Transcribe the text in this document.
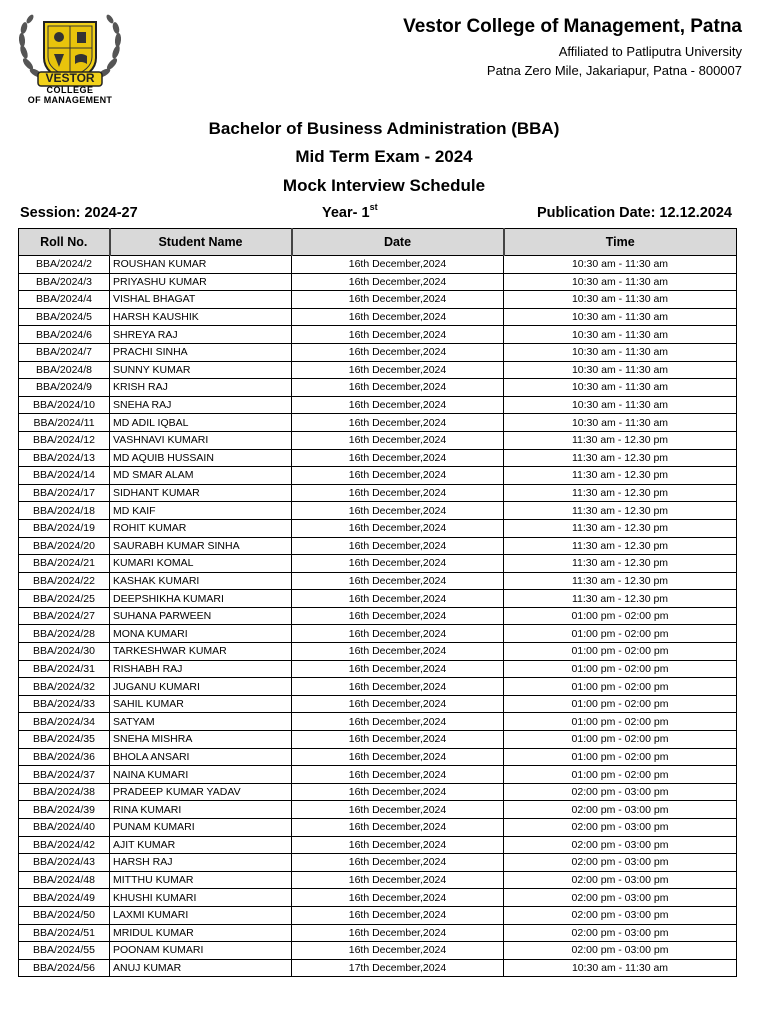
VESTOR
COLLEGE
OF MANAGEMENT
Vestor College of Management, Patna
Affiliated to Patliputra University
Patna Zero Mile, Jakariapur, Patna - 800007
Bachelor of Business Administration (BBA)
Mid Term Exam - 2024
Mock Interview Schedule
Session: 2024-27	Year- 1st	Publication Date: 12.12.2024
Roll No.	Student Name	Date	Time
BBA/2024/2	ROUSHAN KUMAR	16th December,2024	10:30 am - 11:30 am
BBA/2024/3	PRIYASHU KUMAR	16th December,2024	10:30 am - 11:30 am
BBA/2024/4	VISHAL BHAGAT	16th December,2024	10:30 am - 11:30 am
BBA/2024/5	HARSH KAUSHIK	16th December,2024	10:30 am - 11:30 am
BBA/2024/6	SHREYA RAJ	16th December,2024	10:30 am - 11:30 am
BBA/2024/7	PRACHI SINHA	16th December,2024	10:30 am - 11:30 am
BBA/2024/8	SUNNY KUMAR	16th December,2024	10:30 am - 11:30 am
BBA/2024/9	KRISH RAJ	16th December,2024	10:30 am - 11:30 am
BBA/2024/10	SNEHA RAJ	16th December,2024	10:30 am - 11:30 am
BBA/2024/11	MD ADIL IQBAL	16th December,2024	10:30 am - 11:30 am
BBA/2024/12	VASHNAVI KUMARI	16th December,2024	11:30 am - 12.30 pm
BBA/2024/13	MD AQUIB HUSSAIN	16th December,2024	11:30 am - 12.30 pm
BBA/2024/14	MD SMAR ALAM	16th December,2024	11:30 am - 12.30 pm
BBA/2024/17	SIDHANT KUMAR	16th December,2024	11:30 am - 12.30 pm
BBA/2024/18	MD KAIF	16th December,2024	11:30 am - 12.30 pm
BBA/2024/19	ROHIT KUMAR	16th December,2024	11:30 am - 12.30 pm
BBA/2024/20	SAURABH KUMAR SINHA	16th December,2024	11:30 am - 12.30 pm
BBA/2024/21	KUMARI KOMAL	16th December,2024	11:30 am - 12.30 pm
BBA/2024/22	KASHAK KUMARI	16th December,2024	11:30 am - 12.30 pm
BBA/2024/25	DEEPSHIKHA KUMARI	16th December,2024	11:30 am - 12.30 pm
BBA/2024/27	SUHANA PARWEEN	16th December,2024	01:00 pm - 02:00 pm
BBA/2024/28	MONA KUMARI	16th December,2024	01:00 pm - 02:00 pm
BBA/2024/30	TARKESHWAR KUMAR	16th December,2024	01:00 pm - 02:00 pm
BBA/2024/31	RISHABH RAJ	16th December,2024	01:00 pm - 02:00 pm
BBA/2024/32	JUGANU KUMARI	16th December,2024	01:00 pm - 02:00 pm
BBA/2024/33	SAHIL KUMAR	16th December,2024	01:00 pm - 02:00 pm
BBA/2024/34	SATYAM	16th December,2024	01:00 pm - 02:00 pm
BBA/2024/35	SNEHA MISHRA	16th December,2024	01:00 pm - 02:00 pm
BBA/2024/36	BHOLA ANSARI	16th December,2024	01:00 pm - 02:00 pm
BBA/2024/37	NAINA KUMARI	16th December,2024	01:00 pm - 02:00 pm
BBA/2024/38	PRADEEP KUMAR YADAV	16th December,2024	02:00 pm - 03:00 pm
BBA/2024/39	RINA KUMARI	16th December,2024	02:00 pm - 03:00 pm
BBA/2024/40	PUNAM KUMARI	16th December,2024	02:00 pm - 03:00 pm
BBA/2024/42	AJIT KUMAR	16th December,2024	02:00 pm - 03:00 pm
BBA/2024/43	HARSH RAJ	16th December,2024	02:00 pm - 03:00 pm
BBA/2024/48	MITTHU KUMAR	16th December,2024	02:00 pm - 03:00 pm
BBA/2024/49	KHUSHI KUMARI	16th December,2024	02:00 pm - 03:00 pm
BBA/2024/50	LAXMI KUMARI	16th December,2024	02:00 pm - 03:00 pm
BBA/2024/51	MRIDUL KUMAR	16th December,2024	02:00 pm - 03:00 pm
BBA/2024/55	POONAM KUMARI	16th December,2024	02:00 pm - 03:00 pm
BBA/2024/56	ANUJ KUMAR	17th December,2024	10:30 am - 11:30 am
